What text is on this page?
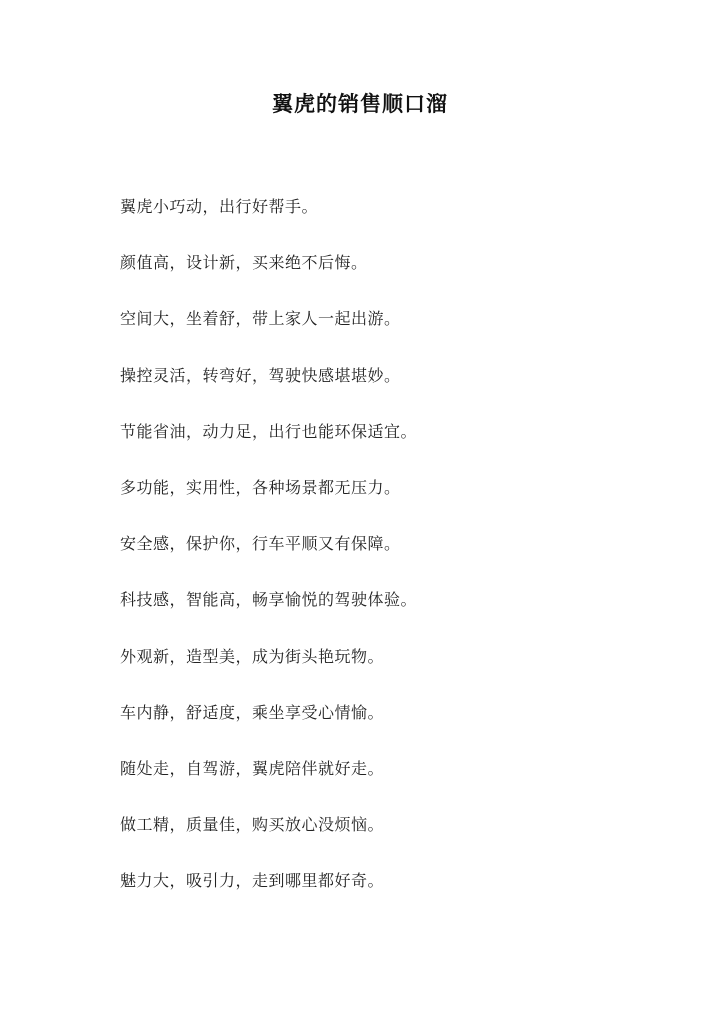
翼虎的销售顺口溜
翼虎小巧动，出行好帮手。
颜值高，设计新，买来绝不后悔。
空间大，坐着舒，带上家人一起出游。
操控灵活，转弯好，驾驶快感堪堪妙。
节能省油，动力足，出行也能环保适宜。
多功能，实用性，各种场景都无压力。
安全感，保护你，行车平顺又有保障。
科技感，智能高，畅享愉悦的驾驶体验。
外观新，造型美，成为街头艳玩物。
车内静，舒适度，乘坐享受心情愉。
随处走，自驾游，翼虎陪伴就好走。
做工精，质量佳，购买放心没烦恼。
魅力大，吸引力，走到哪里都好奇。
